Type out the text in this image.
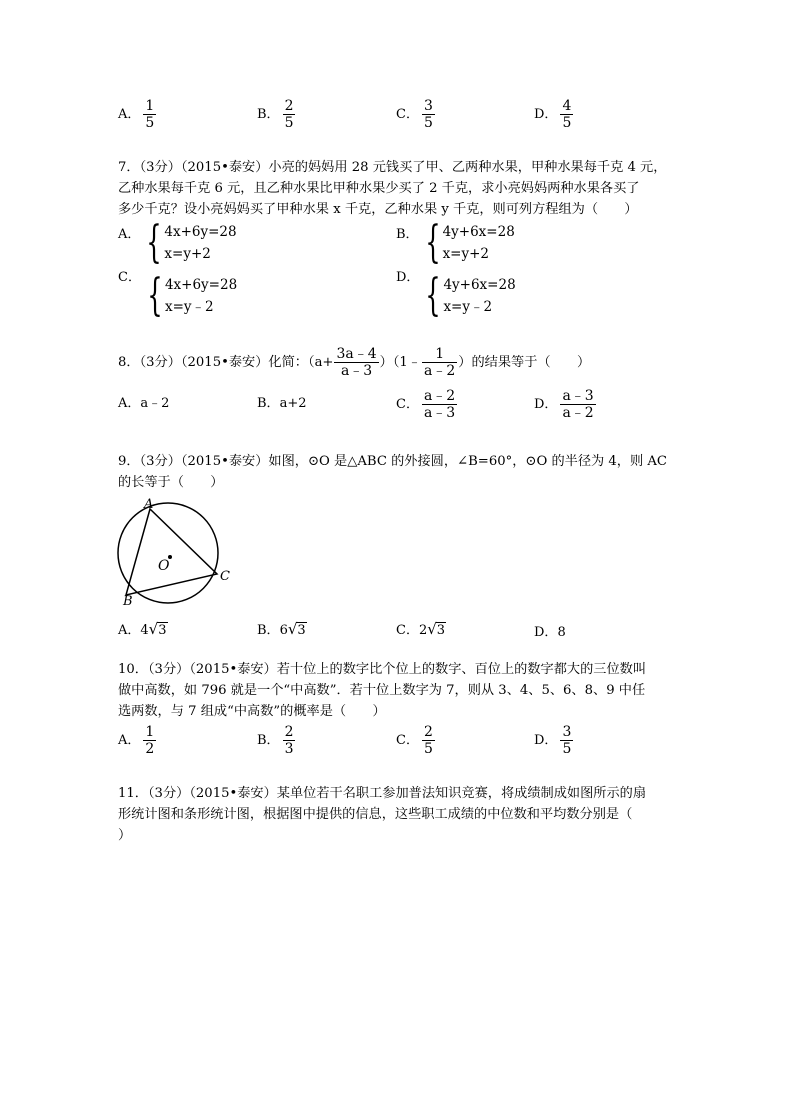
A． $\frac{1}{5}$	B． $\frac{2}{5}$	C． $\frac{3}{5}$	D． $\frac{4}{5}$
7．（3分）（2015•泰安）小亮的妈妈用 28 元钱买了甲、乙两种水果，甲种水果每千克 4 元，
乙种水果每千克 6 元，且乙种水果比甲种水果少买了 2 千克，求小亮妈妈两种水果各买了
多少千克？设小亮妈妈买了甲种水果 x 千克，乙种水果 y 千克，则可列方程组为（　　）
A． { 4x+6y=28
x=y+2
B． { 4y+6x=28
x=y+2
C． { 4x+6y=28
x=y﹣2
D． { 4y+6x=28
x=y﹣2
8．（3分）（2015•泰安）化简：（$a+ \frac{3a﹣4}{a﹣3}$ ）（1﹣ $\frac{1}{a﹣2}$ ）的结果等于（　　）
A．a﹣2	B．a+2	C． $\frac{a﹣2}{a﹣3}$	D． $\frac{a﹣3}{a﹣2}$
9．（3分）（2015•泰安）如图，⊙O 是△ABC 的外接圆，∠B=60°，⊙O 的半径为 4，则 AC
的长等于（　　）
A
B
C
O
A．4√3	B．6√3	C．2√3	D．8
10．（3分）（2015•泰安）若十位上的数字比个位上的数字、百位上的数字都大的三位数叫
做中高数，如 796 就是一个“中高数”．若十位上数字为 7，则从 3、4、5、6、8、9 中任
选两数，与 7 组成“中高数”的概率是（　　）
A． $\frac{1}{2}$	B． $\frac{2}{3}$	C． $\frac{2}{5}$	D． $\frac{3}{5}$
11．（3分）（2015•泰安）某单位若干名职工参加普法知识竞赛，将成绩制成如图所示的扇
形统计图和条形统计图，根据图中提供的信息，这些职工成绩的中位数和平均数分别是（
）
